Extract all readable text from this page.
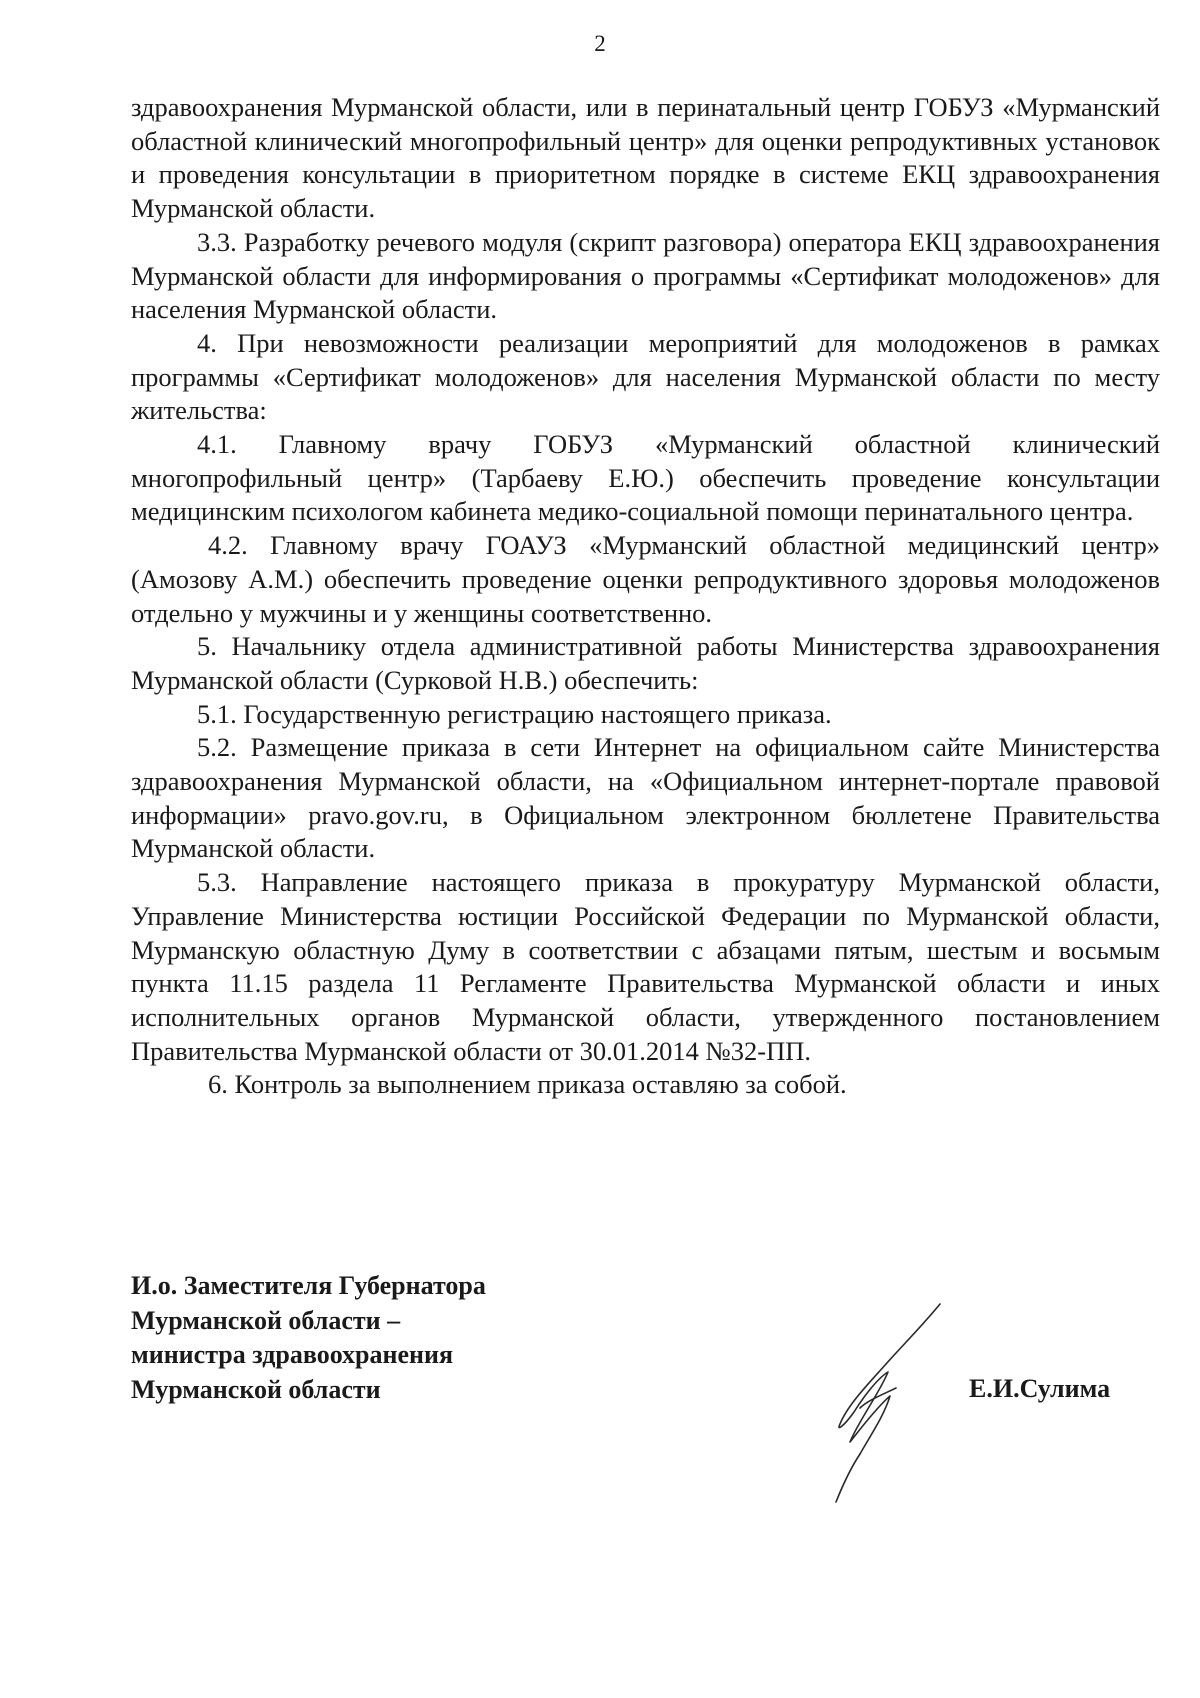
2

здравоохранения Мурманской области, или в перинатальный центр ГОБУЗ «Мурманский областной клинический многопрофильный центр» для оценки репродуктивных установок и проведения консультации в приоритетном порядке в системе ЕКЦ здравоохранения Мурманской области.

3.3. Разработку речевого модуля (скрипт разговора) оператора ЕКЦ здравоохранения Мурманской области для информирования о программы «Сертификат молодоженов» для населения Мурманской области.

4. При невозможности реализации мероприятий для молодоженов в рамках программы «Сертификат молодоженов» для населения Мурманской области по месту жительства:

4.1. Главному врачу ГОБУЗ «Мурманский областной клинический многопрофильный центр» (Тарбаеву Е.Ю.) обеспечить проведение консультации медицинским психологом кабинета медико-социальной помощи перинатального центра.

4.2. Главному врачу ГОАУЗ «Мурманский областной медицинский центр» (Амозову А.М.) обеспечить проведение оценки репродуктивного здоровья молодоженов отдельно у мужчины и у женщины соответственно.

5. Начальнику отдела административной работы Министерства здравоохранения Мурманской области (Сурковой Н.В.) обеспечить:

5.1. Государственную регистрацию настоящего приказа.

5.2. Размещение приказа в сети Интернет на официальном сайте Министерства здравоохранения Мурманской области, на «Официальном интернет-портале правовой информации» pravo.gov.ru, в Официальном электронном бюллетене Правительства Мурманской области.

5.3. Направление настоящего приказа в прокуратуру Мурманской области, Управление Министерства юстиции Российской Федерации по Мурманской области, Мурманскую областную Думу в соответствии с абзацами пятым, шестым и восьмым пункта 11.15 раздела 11 Регламенте Правительства Мурманской области и иных исполнительных органов Мурманской области, утвержденного постановлением Правительства Мурманской области от 30.01.2014 №32-ПП.

6. Контроль за выполнением приказа оставляю за собой.

И.о. Заместителя Губернатора
Мурманской области –
министра здравоохранения
Мурманской области	Е.И.Сулима
